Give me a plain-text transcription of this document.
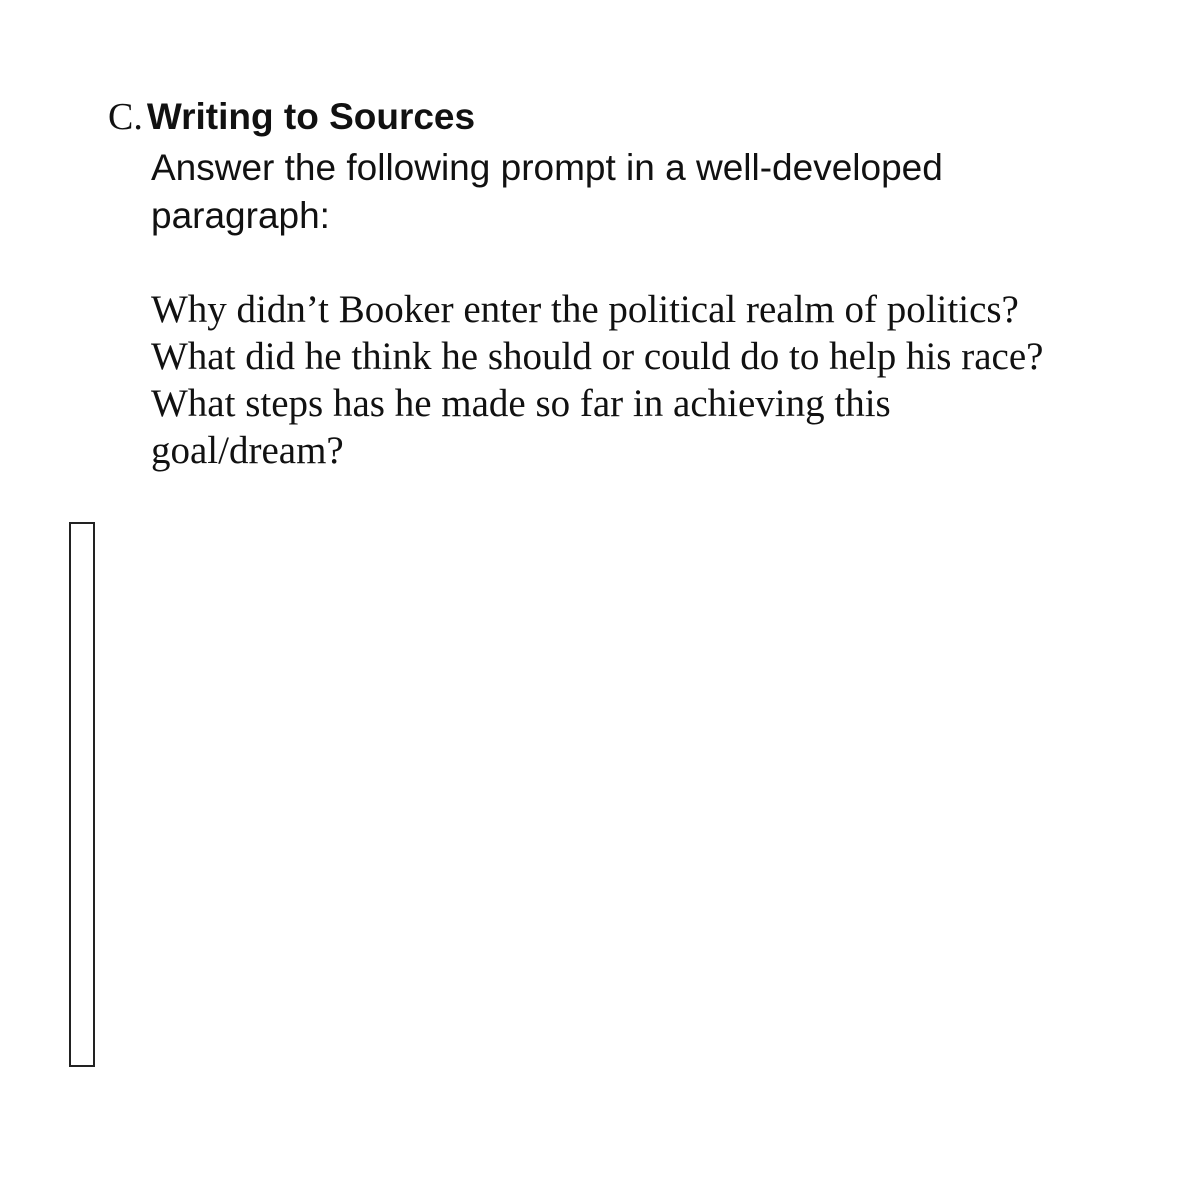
C. Writing to Sources

Answer the following prompt in a well-developed
paragraph:

Why didn’t Booker enter the political realm of politics?
What did he think he should or could do to help his race?
What steps has he made so far in achieving this
goal/dream?
